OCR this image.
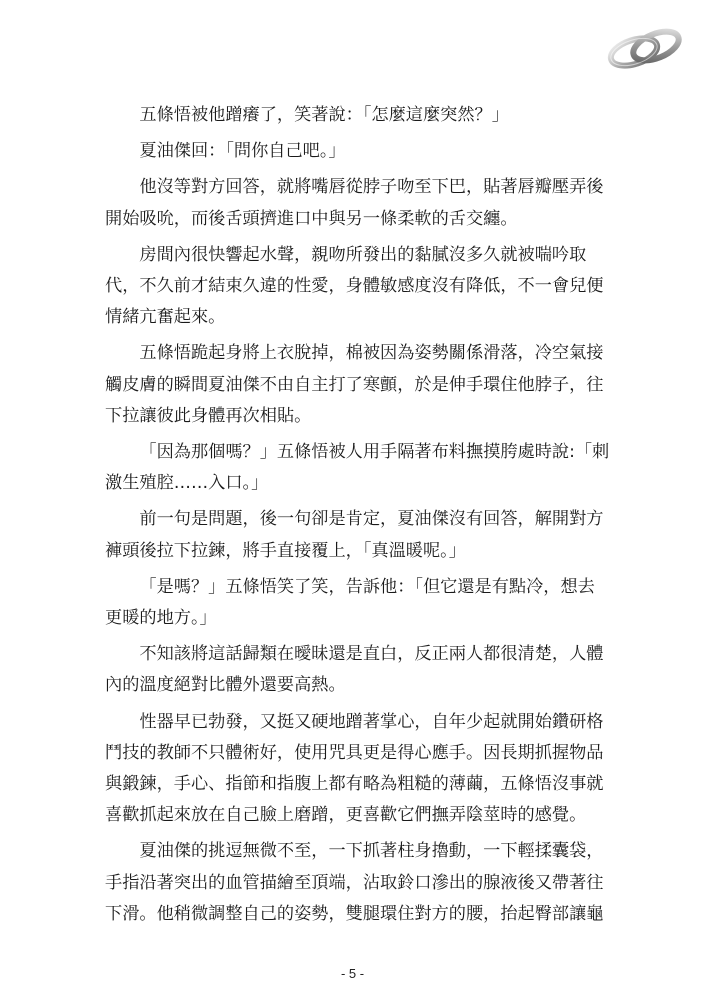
五條悟被他蹭癢了，笑著說：「怎麼這麼突然？」

夏油傑回：「問你自己吧。」

他沒等對方回答，就將嘴唇從脖子吻至下巴，貼著唇瓣壓弄後
開始吸吮，而後舌頭擠進口中與另一條柔軟的舌交纏。

房間內很快響起水聲，親吻所發出的黏膩沒多久就被喘吟取
代，不久前才結束久違的性愛，身體敏感度沒有降低，不一會兒便
情緒亢奮起來。

五條悟跪起身將上衣脫掉，棉被因為姿勢關係滑落，冷空氣接
觸皮膚的瞬間夏油傑不由自主打了寒顫，於是伸手環住他脖子，往
下拉讓彼此身體再次相貼。

「因為那個嗎？」五條悟被人用手隔著布料撫摸胯處時說:「刺
激生殖腔……入口。」

前一句是問題，後一句卻是肯定，夏油傑沒有回答，解開對方
褲頭後拉下拉鍊，將手直接覆上，「真溫暖呢。」

「是嗎？」五條悟笑了笑，告訴他：「但它還是有點冷，想去
更暖的地方。」

不知該將這話歸類在曖昧還是直白，反正兩人都很清楚，人體
內的溫度絕對比體外還要高熱。

性器早已勃發，又挺又硬地蹭著掌心，自年少起就開始鑽研格
鬥技的教師不只體術好，使用咒具更是得心應手。因長期抓握物品
與鍛鍊，手心、指節和指腹上都有略為粗糙的薄繭，五條悟沒事就
喜歡抓起來放在自己臉上磨蹭，更喜歡它們撫弄陰莖時的感覺。

夏油傑的挑逗無微不至，一下抓著柱身擼動，一下輕揉囊袋，
手指沿著突出的血管描繪至頂端，沾取鈴口滲出的腺液後又帶著往
下滑。他稍微調整自己的姿勢，雙腿環住對方的腰，抬起臀部讓龜

- 5 -
